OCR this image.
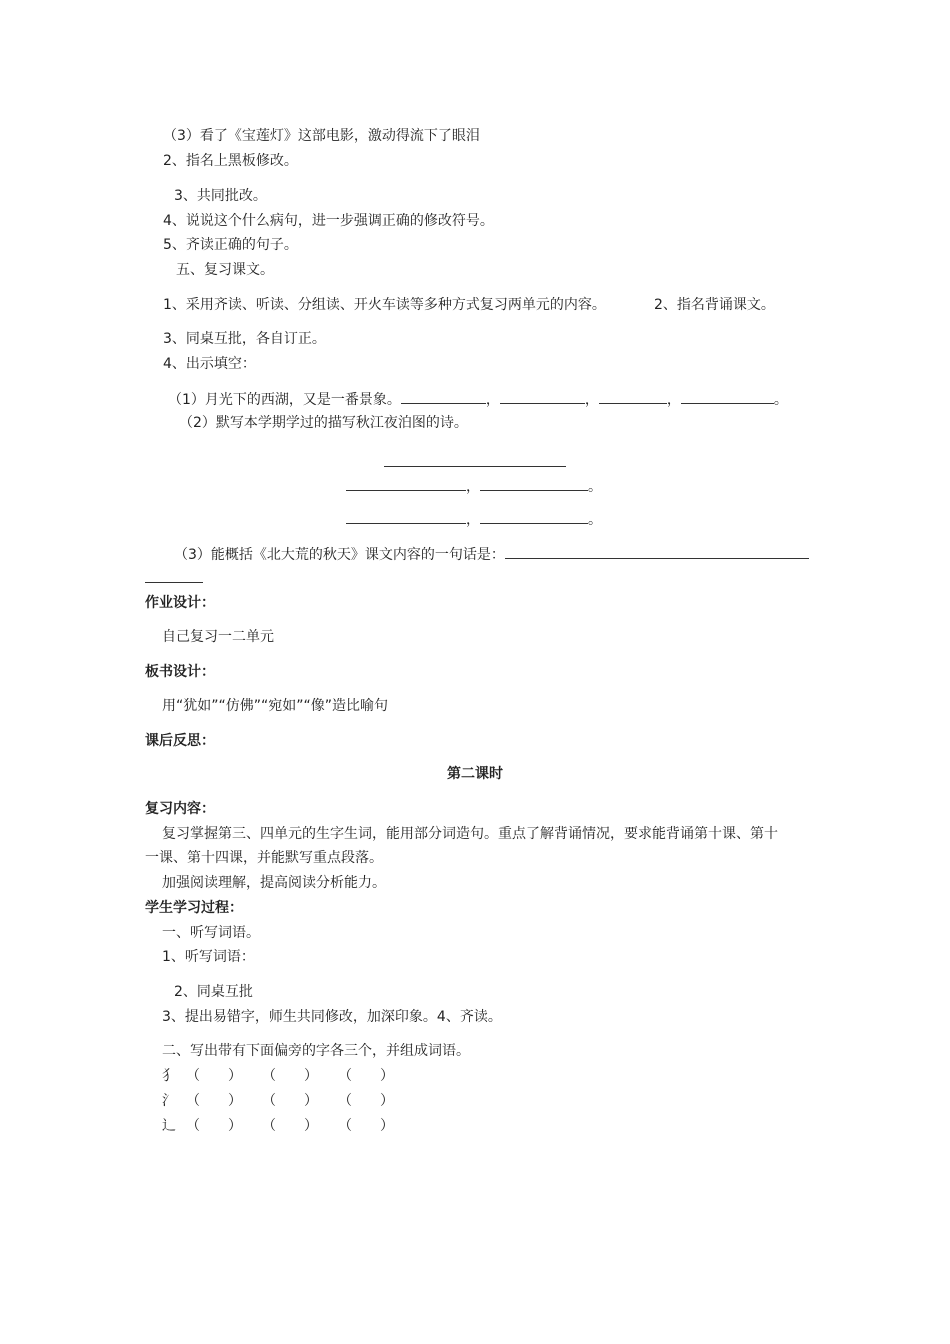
（3）看了《宝莲灯》这部电影，激动得流下了眼泪
2、指名上黑板修改。
3、共同批改。
4、说说这个什么病句，进一步强调正确的修改符号。
5、齐读正确的句子。
五、复习课文。
1、采用齐读、听读、分组读、开火车读等多种方式复习两单元的内容。	2、指名背诵课文。
3、同桌互批，各自订正。
4、出示填空：
（1）月光下的西湖，又是一番景象。	，	，	，	。
（2）默写本学期学过的描写秋江夜泊图的诗。
，	。
，	。
（3）能概括《北大荒的秋天》课文内容的一句话是：
作业设计：
自己复习一二单元
板书设计：
用“犹如”“仿佛”“宛如”“像”造比喻句
课后反思：
第二课时
复习内容：
复习掌握第三、四单元的生字生词，能用部分词造句。重点了解背诵情况，要求能背诵第十课、第十
一课、第十四课，并能默写重点段落。
加强阅读理解，提高阅读分析能力。
学生学习过程：
一、听写词语。
1、听写词语：
2、同桌互批
3、提出易错字，师生共同修改，加深印象。4、齐读。
二、写出带有下面偏旁的字各三个，并组成词语。
犭 （　　） （　　） （　　）
氵 （　　） （　　） （　　）
辶 （　　） （　　） （　　）
